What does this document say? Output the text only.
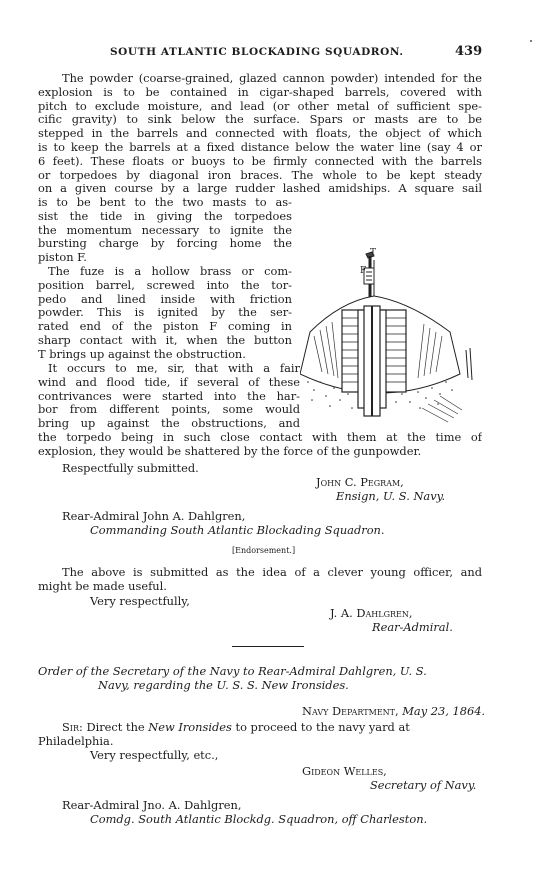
SOUTH ATLANTIC BLOCKADING SQUADRON.	439
The powder (coarse-grained, glazed cannon powder) intended for the
explosion is to be contained in cigar-shaped barrels, covered with
pitch to exclude moisture, and lead (or other metal of sufficient spe-
cific gravity) to sink below the surface. Spars or masts are to be
stepped in the barrels and connected with floats, the object of which
is to keep the barrels at a fixed distance below the water line (say 4 or
6 feet). These floats or buoys to be firmly connected with the barrels
or torpedoes by diagonal iron braces. The whole to be kept steady
on a given course by a large rudder lashed amidships. A square sail
is to be bent to the two masts to as-
sist the tide in giving the torpedoes
the momentum necessary to ignite the
bursting charge by forcing home the
piston F.
The fuze is a hollow brass or com-
position barrel, screwed into the tor-
pedo and lined inside with friction
powder. This is ignited by the ser-
rated end of the piston F coming in
sharp contact with it, when the button
T brings up against the obstruction.
It occurs to me, sir, that with a fair
wind and flood tide, if several of these
contrivances were started into the har-
bor from different points, some would
bring up against the obstructions, and
the torpedo being in such close contact with them at the time of
explosion, they would be shattered by the force of the gunpowder.
T
F
Respectfully submitted.
John C. Pegram,
Ensign, U. S. Navy.
Rear-Admiral John A. Dahlgren,
Commanding South Atlantic Blockading Squadron.
[Endorsement.]
The above is submitted as the idea of a clever young officer, and
might be made useful.
Very respectfully,
J. A. Dahlgren,
Rear-Admiral.
Order of the Secretary of the Navy to Rear-Admiral Dahlgren, U. S.
Navy, regarding the U. S. S. New Ironsides.
Navy Department, May 23, 1864.
Sir: Direct the New Ironsides to proceed to the navy yard at
Philadelphia.
Very respectfully, etc.,
Gideon Welles,
Secretary of Navy.
Rear-Admiral Jno. A. Dahlgren,
Comdg. South Atlantic Blockdg. Squadron, off Charleston.
